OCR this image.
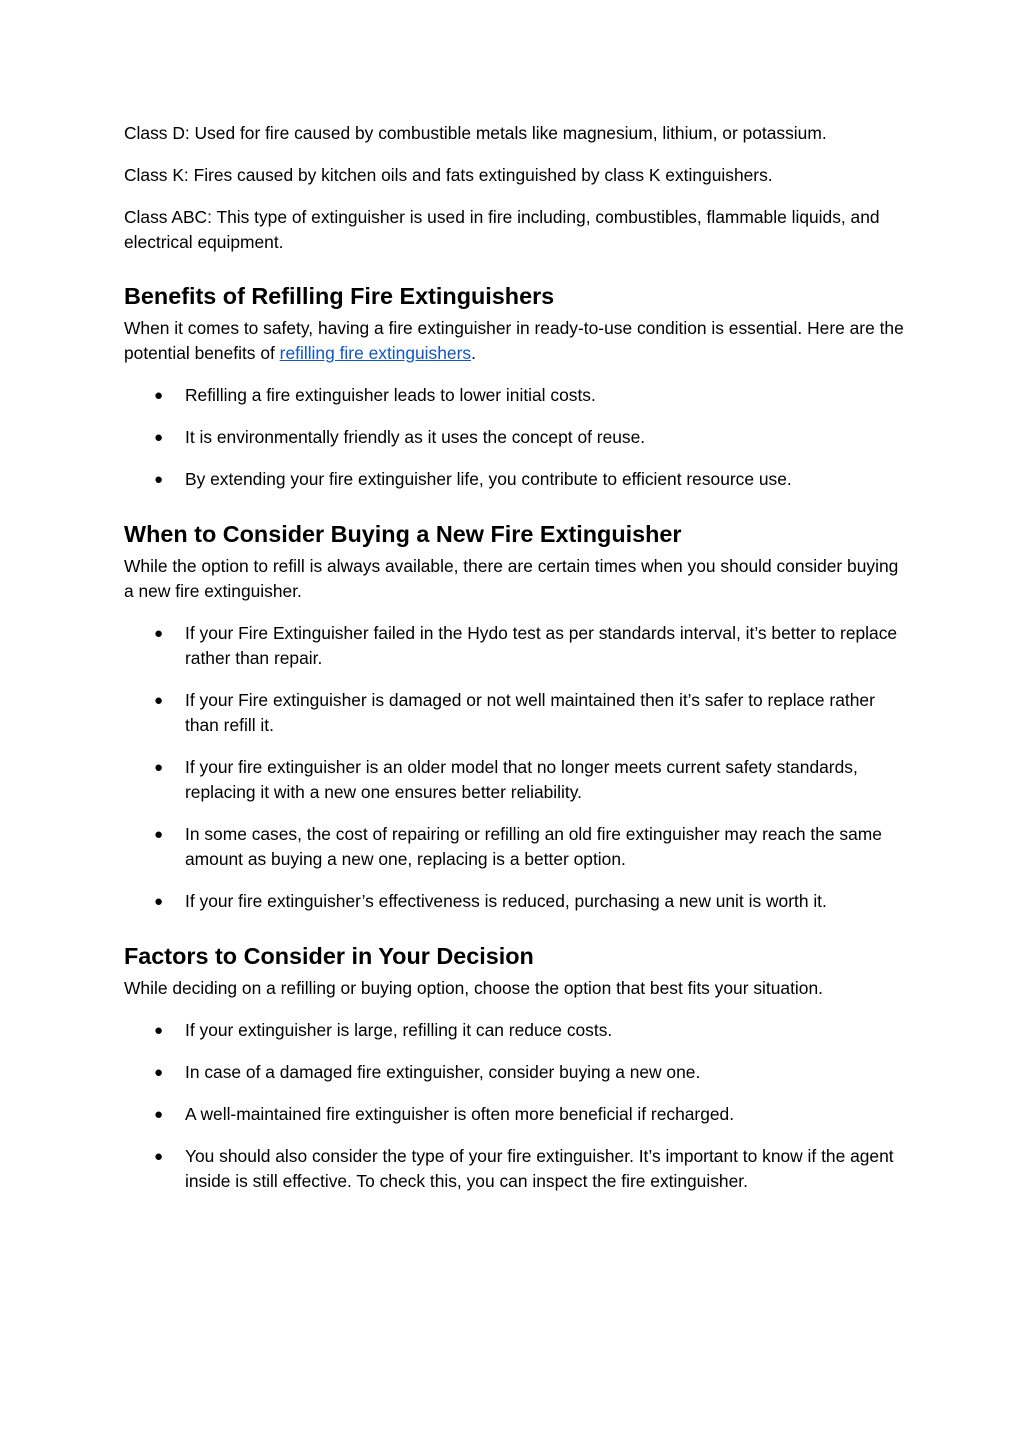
Class D: Used for fire caused by combustible metals like magnesium, lithium, or potassium.

Class K: Fires caused by kitchen oils and fats extinguished by class K extinguishers.

Class ABC: This type of extinguisher is used in fire including, combustibles, flammable liquids, and electrical equipment.

Benefits of Refilling Fire Extinguishers

When it comes to safety, having a fire extinguisher in ready-to-use condition is essential. Here are the potential benefits of refilling fire extinguishers.

● Refilling a fire extinguisher leads to lower initial costs.
● It is environmentally friendly as it uses the concept of reuse.
● By extending your fire extinguisher life, you contribute to efficient resource use.
When to Consider Buying a New Fire Extinguisher

While the option to refill is always available, there are certain times when you should consider buying a new fire extinguisher.

● If your Fire Extinguisher failed in the Hydo test as per standards interval, it’s better to replace rather than repair.
● If your Fire extinguisher is damaged or not well maintained then it’s safer to replace rather than refill it.
● If your fire extinguisher is an older model that no longer meets current safety standards, replacing it with a new one ensures better reliability.
● In some cases, the cost of repairing or refilling an old fire extinguisher may reach the same amount as buying a new one, replacing is a better option.
● If your fire extinguisher’s effectiveness is reduced, purchasing a new unit is worth it.
Factors to Consider in Your Decision

While deciding on a refilling or buying option, choose the option that best fits your situation.

● If your extinguisher is large, refilling it can reduce costs.
● In case of a damaged fire extinguisher, consider buying a new one.
● A well-maintained fire extinguisher is often more beneficial if recharged.
● You should also consider the type of your fire extinguisher. It’s important to know if the agent inside is still effective. To check this, you can inspect the fire extinguisher.
